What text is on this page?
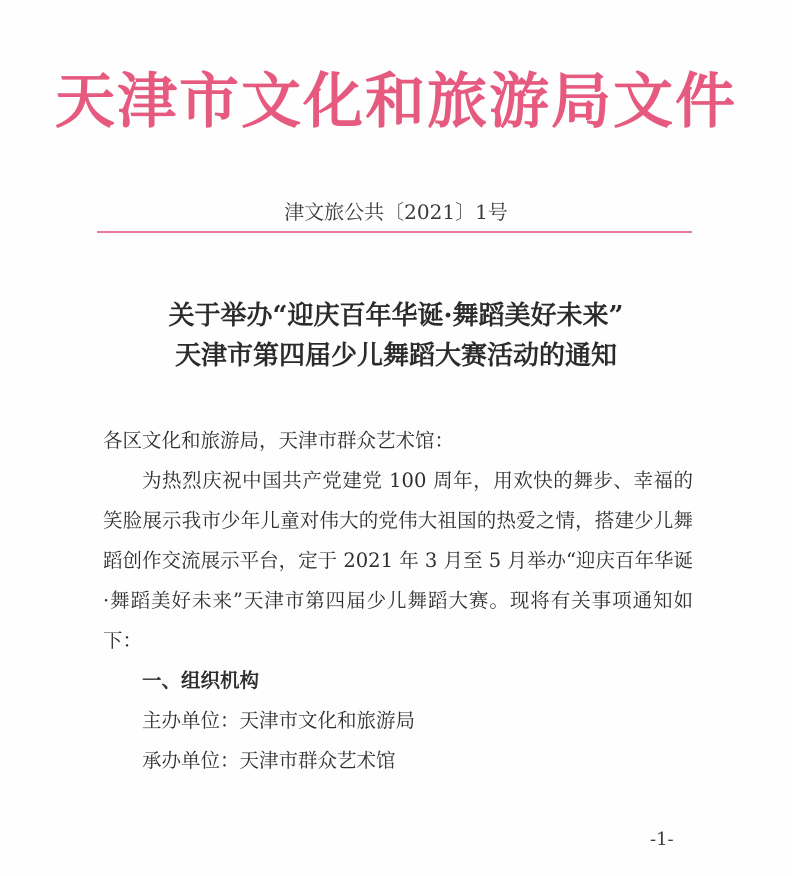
天津市文化和旅游局文件
津文旅公共〔2021〕1号
关于举办“迎庆百年华诞·舞蹈美好未来”
天津市第四届少儿舞蹈大赛活动的通知

各区文化和旅游局，天津市群众艺术馆：

为热烈庆祝中国共产党建党 100 周年，用欢快的舞步、幸福的笑脸展示我市少年儿童对伟大的党伟大祖国的热爱之情，搭建少儿舞蹈创作交流展示平台，定于 2021 年 3 月至 5 月举办“迎庆百年华诞·舞蹈美好未来”天津市第四届少儿舞蹈大赛。现将有关事项通知如下：

一、组织机构

主办单位：天津市文化和旅游局

承办单位：天津市群众艺术馆

-1-
